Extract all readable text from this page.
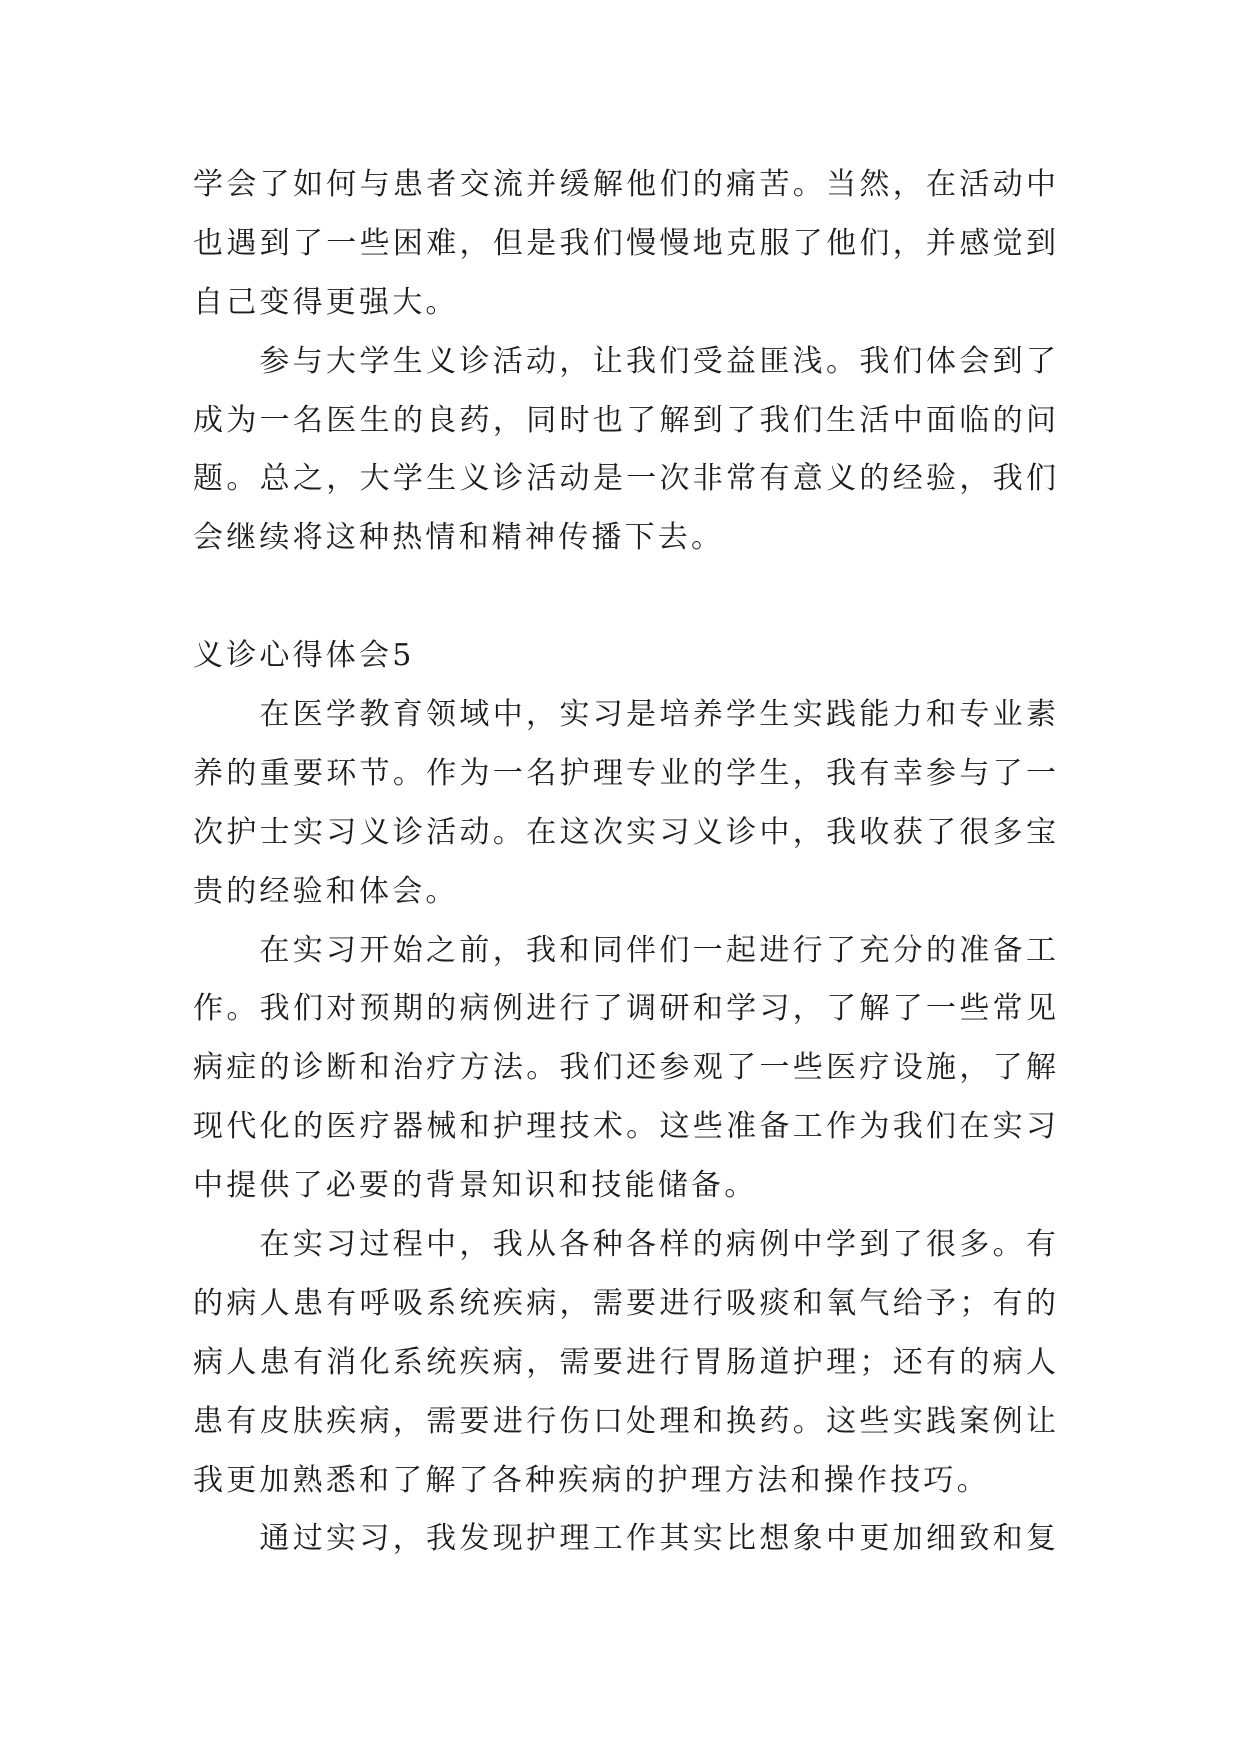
学会了如何与患者交流并缓解他们的痛苦。当然，在活动中
也遇到了一些困难，但是我们慢慢地克服了他们，并感觉到
自己变得更强大。
参与大学生义诊活动，让我们受益匪浅。我们体会到了
成为一名医生的良药，同时也了解到了我们生活中面临的问
题。总之，大学生义诊活动是一次非常有意义的经验，我们
会继续将这种热情和精神传播下去。
义诊心得体会5
在医学教育领域中，实习是培养学生实践能力和专业素
养的重要环节。作为一名护理专业的学生，我有幸参与了一
次护士实习义诊活动。在这次实习义诊中，我收获了很多宝
贵的经验和体会。
在实习开始之前，我和同伴们一起进行了充分的准备工
作。我们对预期的病例进行了调研和学习，了解了一些常见
病症的诊断和治疗方法。我们还参观了一些医疗设施，了解
现代化的医疗器械和护理技术。这些准备工作为我们在实习
中提供了必要的背景知识和技能储备。
在实习过程中，我从各种各样的病例中学到了很多。有
的病人患有呼吸系统疾病，需要进行吸痰和氧气给予；有的
病人患有消化系统疾病，需要进行胃肠道护理；还有的病人
患有皮肤疾病，需要进行伤口处理和换药。这些实践案例让
我更加熟悉和了解了各种疾病的护理方法和操作技巧。
通过实习，我发现护理工作其实比想象中更加细致和复
